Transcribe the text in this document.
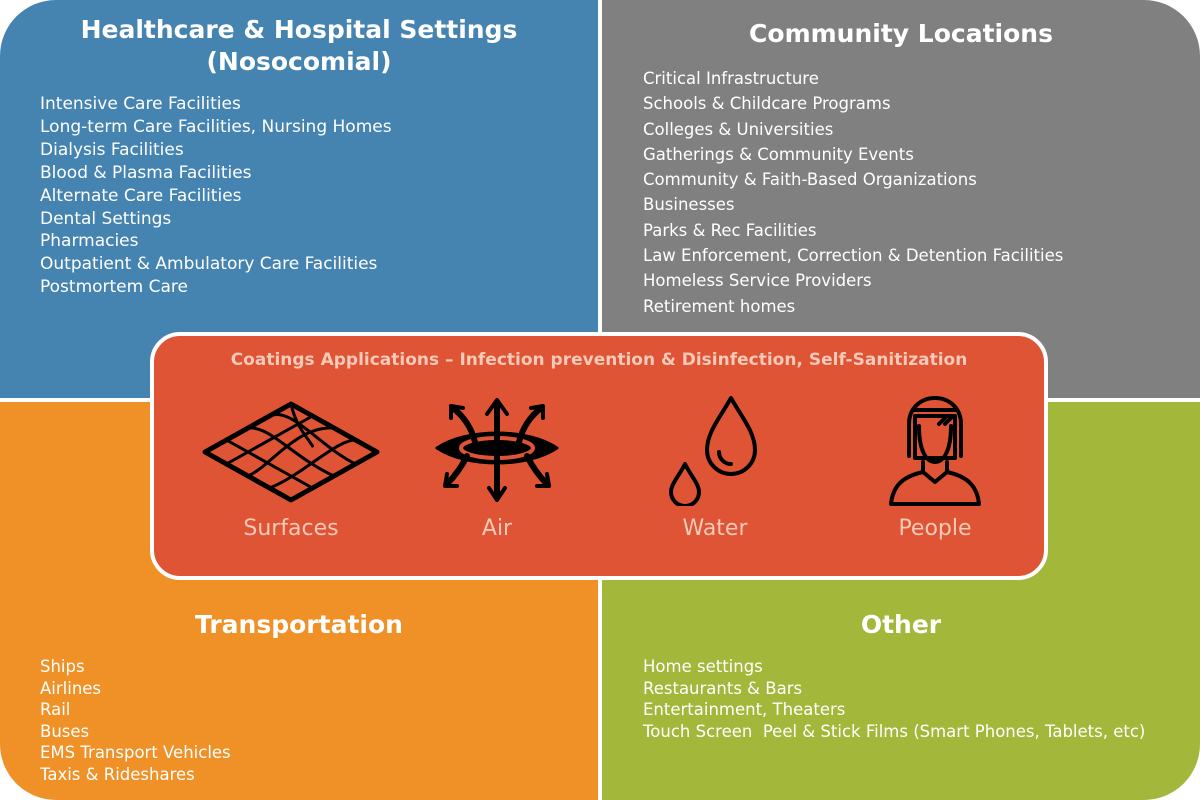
Healthcare & Hospital Settings
(Nosocomial)
Intensive Care Facilities
Long-term Care Facilities, Nursing Homes
Dialysis Facilities
Blood & Plasma Facilities
Alternate Care Facilities
Dental Settings
Pharmacies
Outpatient & Ambulatory Care Facilities
Postmortem Care
Community Locations
Critical Infrastructure
Schools & Childcare Programs
Colleges & Universities
Gatherings & Community Events
Community & Faith-Based Organizations
Businesses
Parks & Rec Facilities
Law Enforcement, Correction & Detention Facilities
Homeless Service Providers
Retirement homes
Transportation
Ships
Airlines
Rail
Buses
EMS Transport Vehicles
Taxis & Rideshares
Other
Home settings
Restaurants & Bars
Entertainment, Theaters
Touch Screen  Peel & Stick Films (Smart Phones, Tablets, etc)
Coatings Applications – Infection prevention & Disinfection, Self-Sanitization
Surfaces	Air	Water	People
